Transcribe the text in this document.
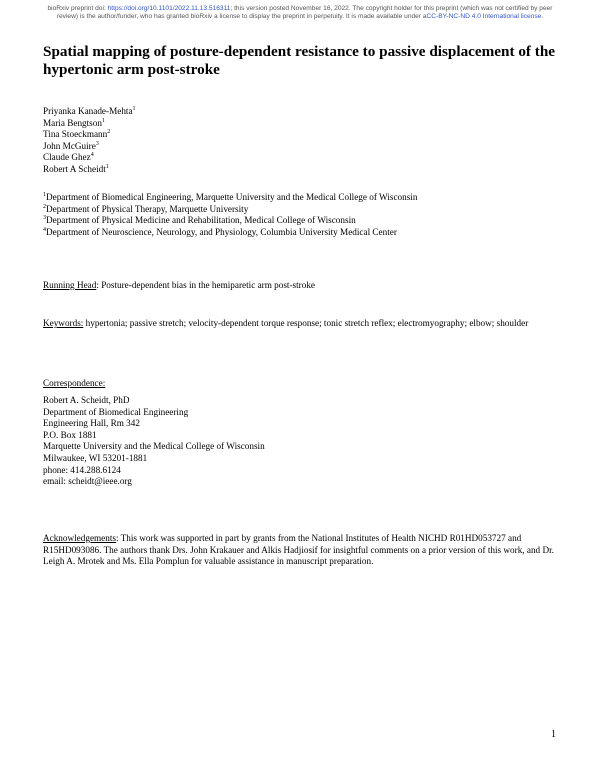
bioRxiv preprint doi: https://doi.org/10.1101/2022.11.13.516311; this version posted November 16, 2022. The copyright holder for this preprint (which was not certified by peer review) is the author/funder, who has granted bioRxiv a license to display the preprint in perpetuity. It is made available under aCC-BY-NC-ND 4.0 International license.
Spatial mapping of posture-dependent resistance to passive displacement of the hypertonic arm post-stroke
Priyanka Kanade-Mehta$^1$
Maria Bengtson$^1$
Tina Stoeckmann$^2$
John McGuire$^3$
Claude Ghez$^4$
Robert A Scheidt$^1$
$^1$Department of Biomedical Engineering, Marquette University and the Medical College of Wisconsin
$^2$Department of Physical Therapy, Marquette University
$^3$Department of Physical Medicine and Rehabilitation, Medical College of Wisconsin
$^4$Department of Neuroscience, Neurology, and Physiology, Columbia University Medical Center
Running Head: Posture-dependent bias in the hemiparetic arm post-stroke
Keywords: hypertonia; passive stretch; velocity-dependent torque response; tonic stretch reflex; electromyography; elbow; shoulder
Correspondence:
Robert A. Scheidt, PhD
Department of Biomedical Engineering
Engineering Hall, Rm 342
P.O. Box 1881
Marquette University and the Medical College of Wisconsin
Milwaukee, WI 53201-1881
phone: 414.288.6124
email: scheidt@ieee.org
Acknowledgements: This work was supported in part by grants from the National Institutes of Health NICHD R01HD053727 and R15HD093086. The authors thank Drs. John Krakauer and Alkis Hadjiosif for insightful comments on a prior version of this work, and Dr. Leigh A. Mrotek and Ms. Ella Pomplun for valuable assistance in manuscript preparation.
1
